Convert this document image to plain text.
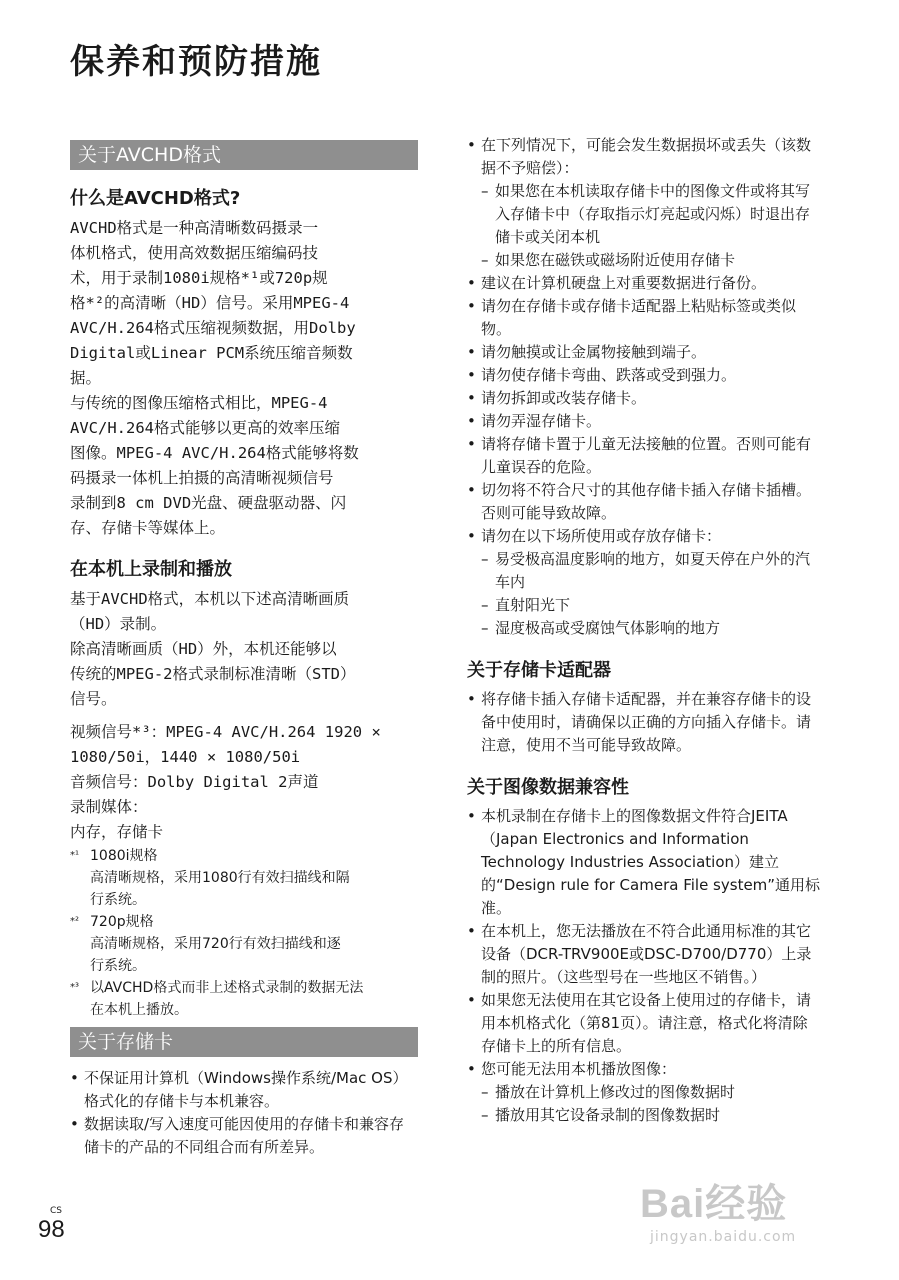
保养和预防措施
关于AVCHD格式
什么是AVCHD格式?

AVCHD格式是一种高清晰数码摄录一

体机格式，使用高效数据压缩编码技

术，用于录制1080i规格*¹或720p规

格*²的高清晰（HD）信号。采用MPEG-4

AVC/H.264格式压缩视频数据，用Dolby

Digital或Linear PCM系统压缩音频数

据。

与传统的图像压缩格式相比，MPEG-4

AVC/H.264格式能够以更高的效率压缩

图像。MPEG-4 AVC/H.264格式能够将数

码摄录一体机上拍摄的高清晰视频信号

录制到8 cm DVD光盘、硬盘驱动器、闪

存、存储卡等媒体上。

在本机上录制和播放

基于AVCHD格式，本机以下述高清晰画质

（HD）录制。

除高清晰画质（HD）外，本机还能够以

传统的MPEG-2格式录制标准清晰（STD）

信号。

视频信号*³：MPEG-4 AVC/H.264 1920 ×

1080/50i，1440 × 1080/50i

音频信号：Dolby Digital 2声道

录制媒体：

内存，存储卡

*¹ 1080i规格
高清晰规格，采用1080行有效扫描线和隔
行系统。
*² 720p规格
高清晰规格，采用720行有效扫描线和逐
行系统。
*³ 以AVCHD格式而非上述格式录制的数据无法
在本机上播放。
关于存储卡
• 不保证用计算机（Windows操作系统/Mac OS）格式化的存储卡与本机兼容。
• 数据读取/写入速度可能因使用的存储卡和兼容存储卡的产品的不同组合而有所差异。
• 在下列情况下，可能会发生数据损坏或丢失（该数据不予赔偿）：
– 如果您在本机读取存储卡中的图像文件或将其写入存储卡中（存取指示灯亮起或闪烁）时退出存储卡或关闭本机
– 如果您在磁铁或磁场附近使用存储卡
• 建议在计算机硬盘上对重要数据进行备份。
• 请勿在存储卡或存储卡适配器上粘贴标签或类似物。
• 请勿触摸或让金属物接触到端子。
• 请勿使存储卡弯曲、跌落或受到强力。
• 请勿拆卸或改装存储卡。
• 请勿弄湿存储卡。
• 请将存储卡置于儿童无法接触的位置。否则可能有儿童误吞的危险。
• 切勿将不符合尺寸的其他存储卡插入存储卡插槽。否则可能导致故障。
• 请勿在以下场所使用或存放存储卡：
– 易受极高温度影响的地方，如夏天停在户外的汽车内
– 直射阳光下
– 湿度极高或受腐蚀气体影响的地方
关于存储卡适配器
• 将存储卡插入存储卡适配器，并在兼容存储卡的设备中使用时，请确保以正确的方向插入存储卡。请注意，使用不当可能导致故障。
关于图像数据兼容性
• 本机录制在存储卡上的图像数据文件符合JEITA（Japan Electronics and Information Technology Industries Association）建立的“Design rule for Camera File system”通用标准。
• 在本机上，您无法播放在不符合此通用标准的其它设备（DCR-TRV900E或DSC-D700/D770）上录制的照片。（这些型号在一些地区不销售。）
• 如果您无法使用在其它设备上使用过的存储卡，请用本机格式化（第81页）。请注意，格式化将清除存储卡上的所有信息。
• 您可能无法用本机播放图像：
– 播放在计算机上修改过的图像数据时
– 播放用其它设备录制的图像数据时
CS
98
Bai经验
jingyan.baidu.com
